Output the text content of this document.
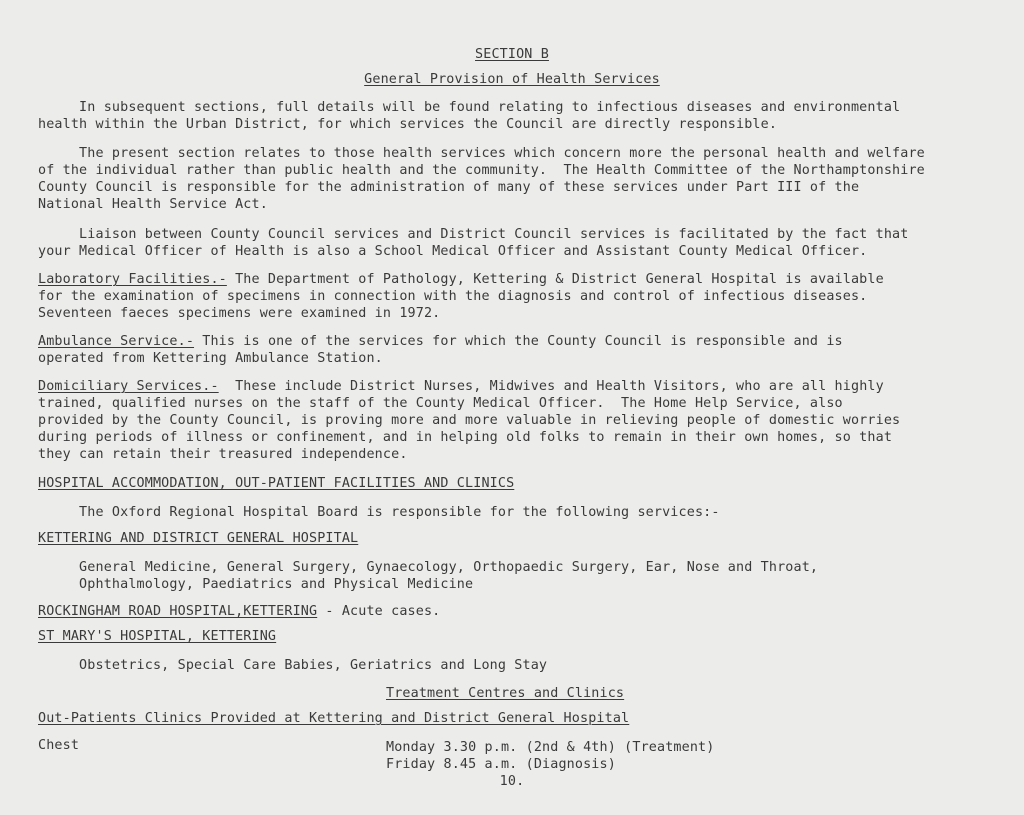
SECTION B
General Provision of Health Services
In subsequent sections, full details will be found relating to infectious diseases and environmental
health within the Urban District, for which services the Council are directly responsible.
The present section relates to those health services which concern more the personal health and welfare
of the individual rather than public health and the community.  The Health Committee of the Northamptonshire
County Council is responsible for the administration of many of these services under Part III of the
National Health Service Act.
Liaison between County Council services and District Council services is facilitated by the fact that
your Medical Officer of Health is also a School Medical Officer and Assistant County Medical Officer.
Laboratory Facilities.- The Department of Pathology, Kettering & District General Hospital is available
for the examination of specimens in connection with the diagnosis and control of infectious diseases.
Seventeen faeces specimens were examined in 1972.
Ambulance Service.- This is one of the services for which the County Council is responsible and is
operated from Kettering Ambulance Station.
Domiciliary Services.-  These include District Nurses, Midwives and Health Visitors, who are all highly
trained, qualified nurses on the staff of the County Medical Officer.  The Home Help Service, also
provided by the County Council, is proving more and more valuable in relieving people of domestic worries
during periods of illness or confinement, and in helping old folks to remain in their own homes, so that
they can retain their treasured independence.
HOSPITAL ACCOMMODATION, OUT-PATIENT FACILITIES AND CLINICS
The Oxford Regional Hospital Board is responsible for the following services:-
KETTERING AND DISTRICT GENERAL HOSPITAL
General Medicine, General Surgery, Gynaecology, Orthopaedic Surgery, Ear, Nose and Throat,
Ophthalmology, Paediatrics and Physical Medicine
ROCKINGHAM ROAD HOSPITAL,KETTERING - Acute cases.
ST MARY'S HOSPITAL, KETTERING
Obstetrics, Special Care Babies, Geriatrics and Long Stay
Treatment Centres and Clinics
Out-Patients Clinics Provided at Kettering and District General Hospital
Chest	Monday 3.30 p.m. (2nd & 4th) (Treatment)
Friday 8.45 a.m. (Diagnosis)
10.
